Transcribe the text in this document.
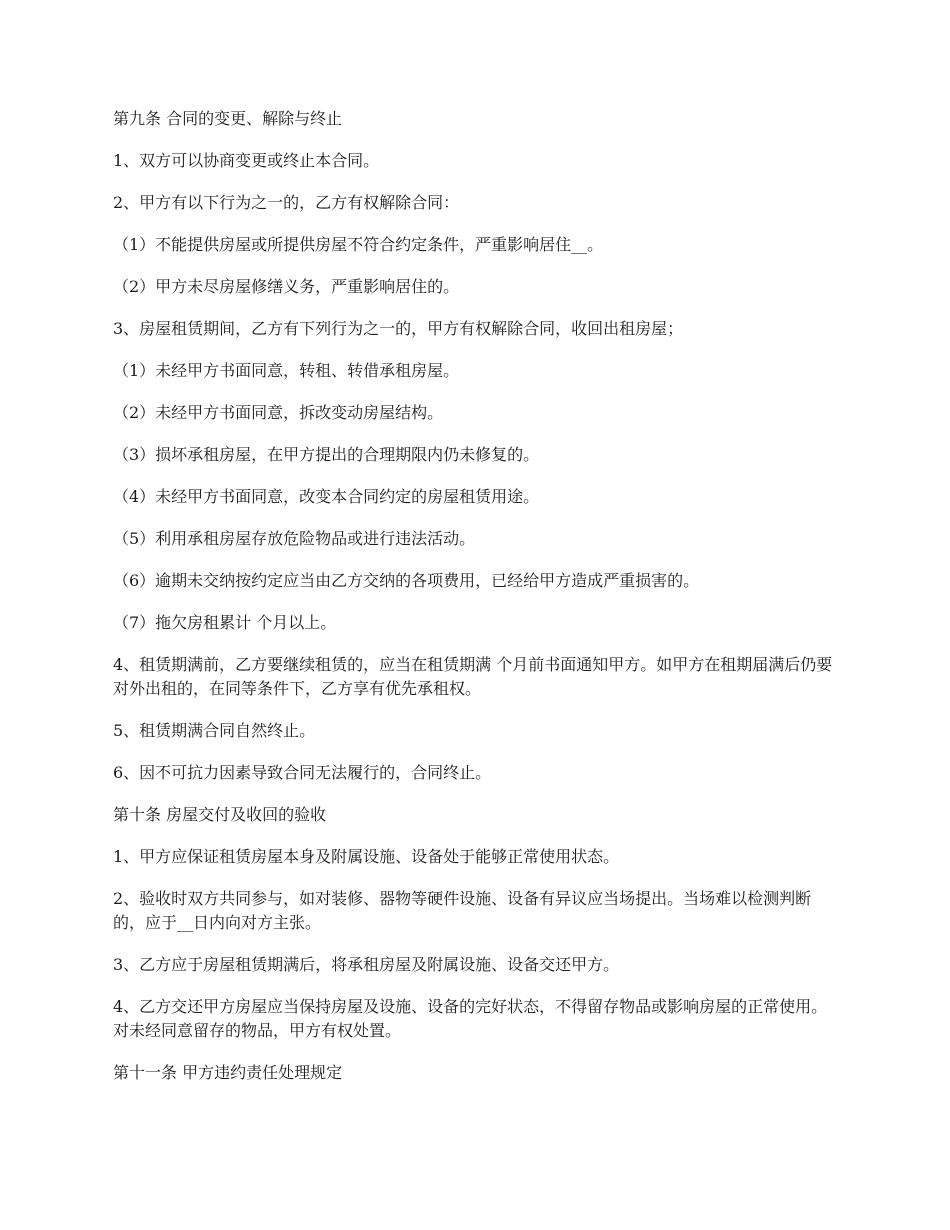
第九条 合同的变更、解除与终止

1、双方可以协商变更或终止本合同。

2、甲方有以下行为之一的，乙方有权解除合同：

（1）不能提供房屋或所提供房屋不符合约定条件，严重影响居住__。

（2）甲方未尽房屋修缮义务，严重影响居住的。

3、房屋租赁期间，乙方有下列行为之一的，甲方有权解除合同，收回出租房屋；

（1）未经甲方书面同意，转租、转借承租房屋。

（2）未经甲方书面同意，拆改变动房屋结构。

（3）损坏承租房屋，在甲方提出的合理期限内仍未修复的。

（4）未经甲方书面同意，改变本合同约定的房屋租赁用途。

（5）利用承租房屋存放危险物品或进行违法活动。

（6）逾期未交纳按约定应当由乙方交纳的各项费用，已经给甲方造成严重损害的。

（7）拖欠房租累计 个月以上。

4、租赁期满前，乙方要继续租赁的，应当在租赁期满 个月前书面通知甲方。如甲方在租期届满后仍要对外出租的，在同等条件下，乙方享有优先承租权。

5、租赁期满合同自然终止。

6、因不可抗力因素导致合同无法履行的，合同终止。

第十条 房屋交付及收回的验收

1、甲方应保证租赁房屋本身及附属设施、设备处于能够正常使用状态。

2、验收时双方共同参与，如对装修、器物等硬件设施、设备有异议应当场提出。当场难以检测判断的，应于__日内向对方主张。

3、乙方应于房屋租赁期满后，将承租房屋及附属设施、设备交还甲方。

4、乙方交还甲方房屋应当保持房屋及设施、设备的完好状态，不得留存物品或影响房屋的正常使用。对未经同意留存的物品，甲方有权处置。

第十一条 甲方违约责任处理规定
